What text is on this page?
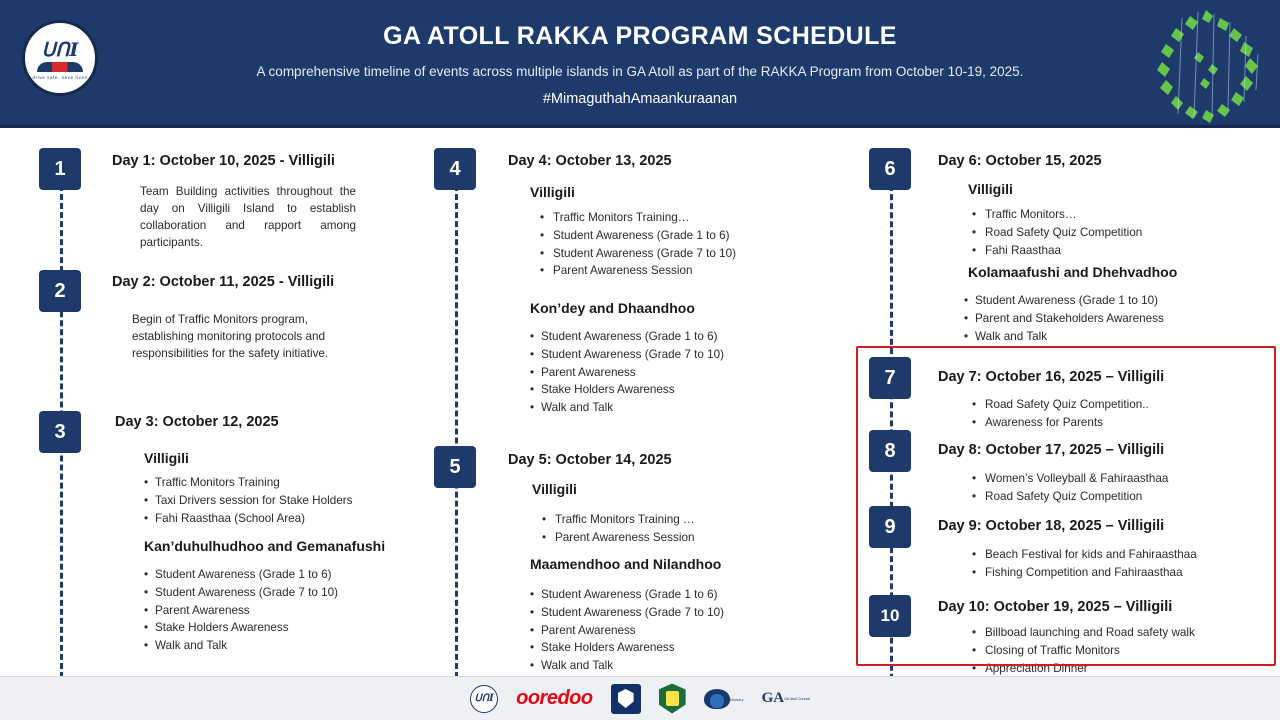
ᑌᑎI
drive safe. save lives
GA ATOLL RAKKA PROGRAM SCHEDULE
A comprehensive timeline of events across multiple islands in GA Atoll as part of the RAKKA Program from October 10-19, 2025.
#MimaguthahAmaankuraanan
1	Day 1: October 10, 2025 - Villigili
Team Building activities throughout the day on Villigili Island to establish collaboration and rapport among participants.
2	Day 2: October 11, 2025 - Villigili
Begin of Traffic Monitors program, establishing monitoring protocols and responsibilities for the safety initiative.
3	Day 3: October 12, 2025
Villigili
• Traffic Monitors Training
• Taxi Drivers session for Stake Holders
• Fahi Raasthaa (School Area)
Kan’duhulhudhoo and Gemanafushi
• Student Awareness (Grade 1 to 6)
• Student Awareness (Grade 7 to 10)
• Parent Awareness
• Stake Holders Awareness
• Walk and Talk
4	Day 4: October 13, 2025
Villigili
• Traffic Monitors Training…
• Student Awareness (Grade 1 to 6)
• Student Awareness (Grade 7 to 10)
• Parent Awareness Session
Kon’dey and Dhaandhoo
• Student Awareness (Grade 1 to 6)
• Student Awareness (Grade 7 to 10)
• Parent Awareness
• Stake Holders Awareness
• Walk and Talk
5	Day 5: October 14, 2025
Villigili
• Traffic Monitors Training …
• Parent Awareness Session
Maamendhoo and Nilandhoo
• Student Awareness (Grade 1 to 6)
• Student Awareness (Grade 7 to 10)
• Parent Awareness
• Stake Holders Awareness
• Walk and Talk
6	Day 6: October 15, 2025
Villigili
• Traffic Monitors…
• Road Safety Quiz Competition
• Fahi Raasthaa
Kolamaafushi and Dhehvadhoo
• Student Awareness (Grade 1 to 10)
• Parent and Stakeholders Awareness
• Walk and Talk
7	Day 7: October 16, 2025 – Villigili
• Road Safety Quiz Competition..
• Awareness for Parents
8	Day 8: October 17, 2025 – Villigili
• Women’s Volleyball & Fahiraasthaa
• Road Safety Quiz Competition
9	Day 9: October 18, 2025 – Villigili
• Beach Festival for kids and Fahiraasthaa
• Fishing Competition and Fahiraasthaa
10	Day 10: October 19, 2025 – Villigili
• Billboad launching and Road safety walk
• Closing of Traffic Monitors
• Appreciation Dinner
ᑌᑎI ooredoo	Ministry GA GA Atoll Council
